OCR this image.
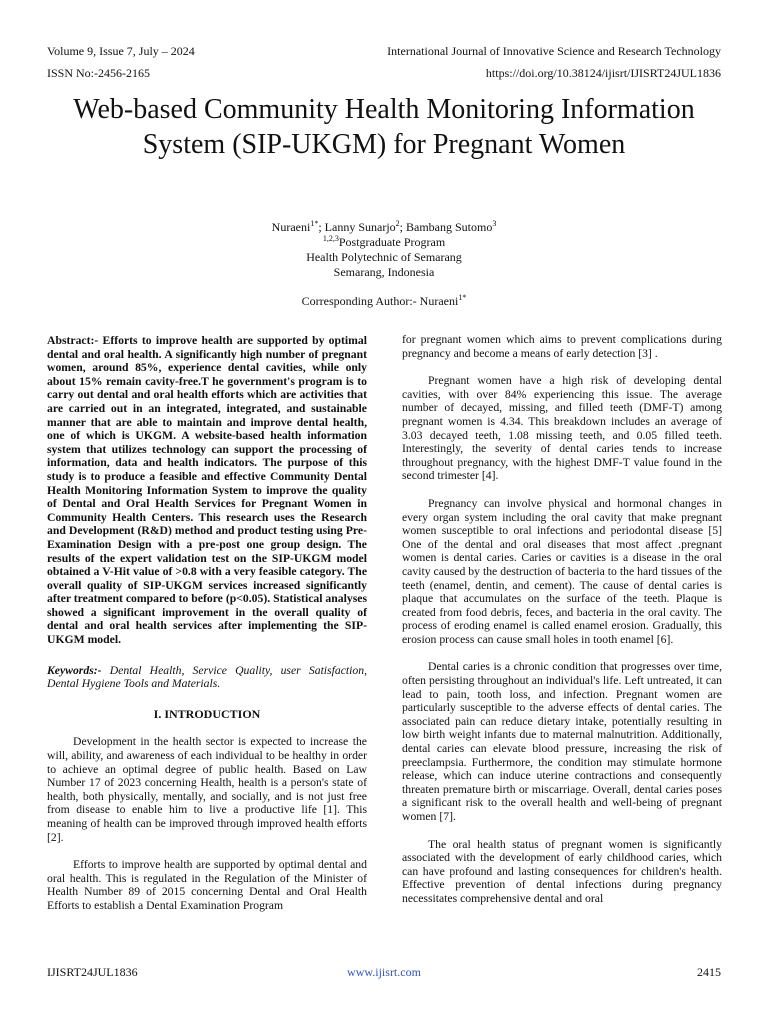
Volume 9, Issue 7, July – 2024	International Journal of Innovative Science and Research Technology
ISSN No:-2456-2165	https://doi.org/10.38124/ijisrt/IJISRT24JUL1836
Web-based Community Health Monitoring Information System (SIP-UKGM) for Pregnant Women
Nuraeni$^{1*}$; Lanny Sunarjo$^2$; Bambang Sutomo$^3$
$^{1,2,3}$Postgraduate Program
Health Polytechnic of Semarang
Semarang, Indonesia
Corresponding Author:- Nuraeni$^{1*}$

Abstract:- Efforts to improve health are supported by optimal dental and oral health. A significantly high number of pregnant women, around 85%, experience dental cavities, while only about 15% remain cavity-free.T he government's program is to carry out dental and oral health efforts which are activities that are carried out in an integrated, integrated, and sustainable manner that are able to maintain and improve dental health, one of which is UKGM. A website-based health information system that utilizes technology can support the processing of information, data and health indicators. The purpose of this study is to produce a feasible and effective Community Dental Health Monitoring Information System to improve the quality of Dental and Oral Health Services for Pregnant Women in Community Health Centers. This research uses the Research and Development (R&D) method and product testing using Pre-Examination Design with a pre-post one group design. The results of the expert validation test on the SIP-UKGM model obtained a V-Hit value of >0.8 with a very feasible category. The overall quality of SIP-UKGM services increased significantly after treatment compared to before (p<0.05). Statistical analyses showed a significant improvement in the overall quality of dental and oral health services after implementing the SIP-UKGM model.

Keywords:- Dental Health, Service Quality, user Satisfaction, Dental Hygiene Tools and Materials.

I. INTRODUCTION

Development in the health sector is expected to increase the will, ability, and awareness of each individual to be healthy in order to achieve an optimal degree of public health. Based on Law Number 17 of 2023 concerning Health, health is a person's state of health, both physically, mentally, and socially, and is not just free from disease to enable him to live a productive life [1]. This meaning of health can be improved through improved health efforts [2].

Efforts to improve health are supported by optimal dental and oral health. This is regulated in the Regulation of the Minister of Health Number 89 of 2015 concerning Dental and Oral Health Efforts to establish a Dental Examination Program

for pregnant women which aims to prevent complications during pregnancy and become a means of early detection [3] .

Pregnant women have a high risk of developing dental cavities, with over 84% experiencing this issue. The average number of decayed, missing, and filled teeth (DMF-T) among pregnant women is 4.34. This breakdown includes an average of 3.03 decayed teeth, 1.08 missing teeth, and 0.05 filled teeth. Interestingly, the severity of dental caries tends to increase throughout pregnancy, with the highest DMF-T value found in the second trimester [4].

Pregnancy can involve physical and hormonal changes in every organ system including the oral cavity that make pregnant women susceptible to oral infections and periodontal disease [5] One of the dental and oral diseases that most affect .pregnant women is dental caries. Caries or cavities is a disease in the oral cavity caused by the destruction of bacteria to the hard tissues of the teeth (enamel, dentin, and cement). The cause of dental caries is plaque that accumulates on the surface of the teeth. Plaque is created from food debris, feces, and bacteria in the oral cavity. The process of eroding enamel is called enamel erosion. Gradually, this erosion process can cause small holes in tooth enamel [6].

Dental caries is a chronic condition that progresses over time, often persisting throughout an individual's life. Left untreated, it can lead to pain, tooth loss, and infection. Pregnant women are particularly susceptible to the adverse effects of dental caries. The associated pain can reduce dietary intake, potentially resulting in low birth weight infants due to maternal malnutrition. Additionally, dental caries can elevate blood pressure, increasing the risk of preeclampsia. Furthermore, the condition may stimulate hormone release, which can induce uterine contractions and consequently threaten premature birth or miscarriage. Overall, dental caries poses a significant risk to the overall health and well-being of pregnant women [7].

The oral health status of pregnant women is significantly associated with the development of early childhood caries, which can have profound and lasting consequences for children's health. Effective prevention of dental infections during pregnancy necessitates comprehensive dental and oral

IJISRT24JUL1836	www.ijisrt.com	2415
